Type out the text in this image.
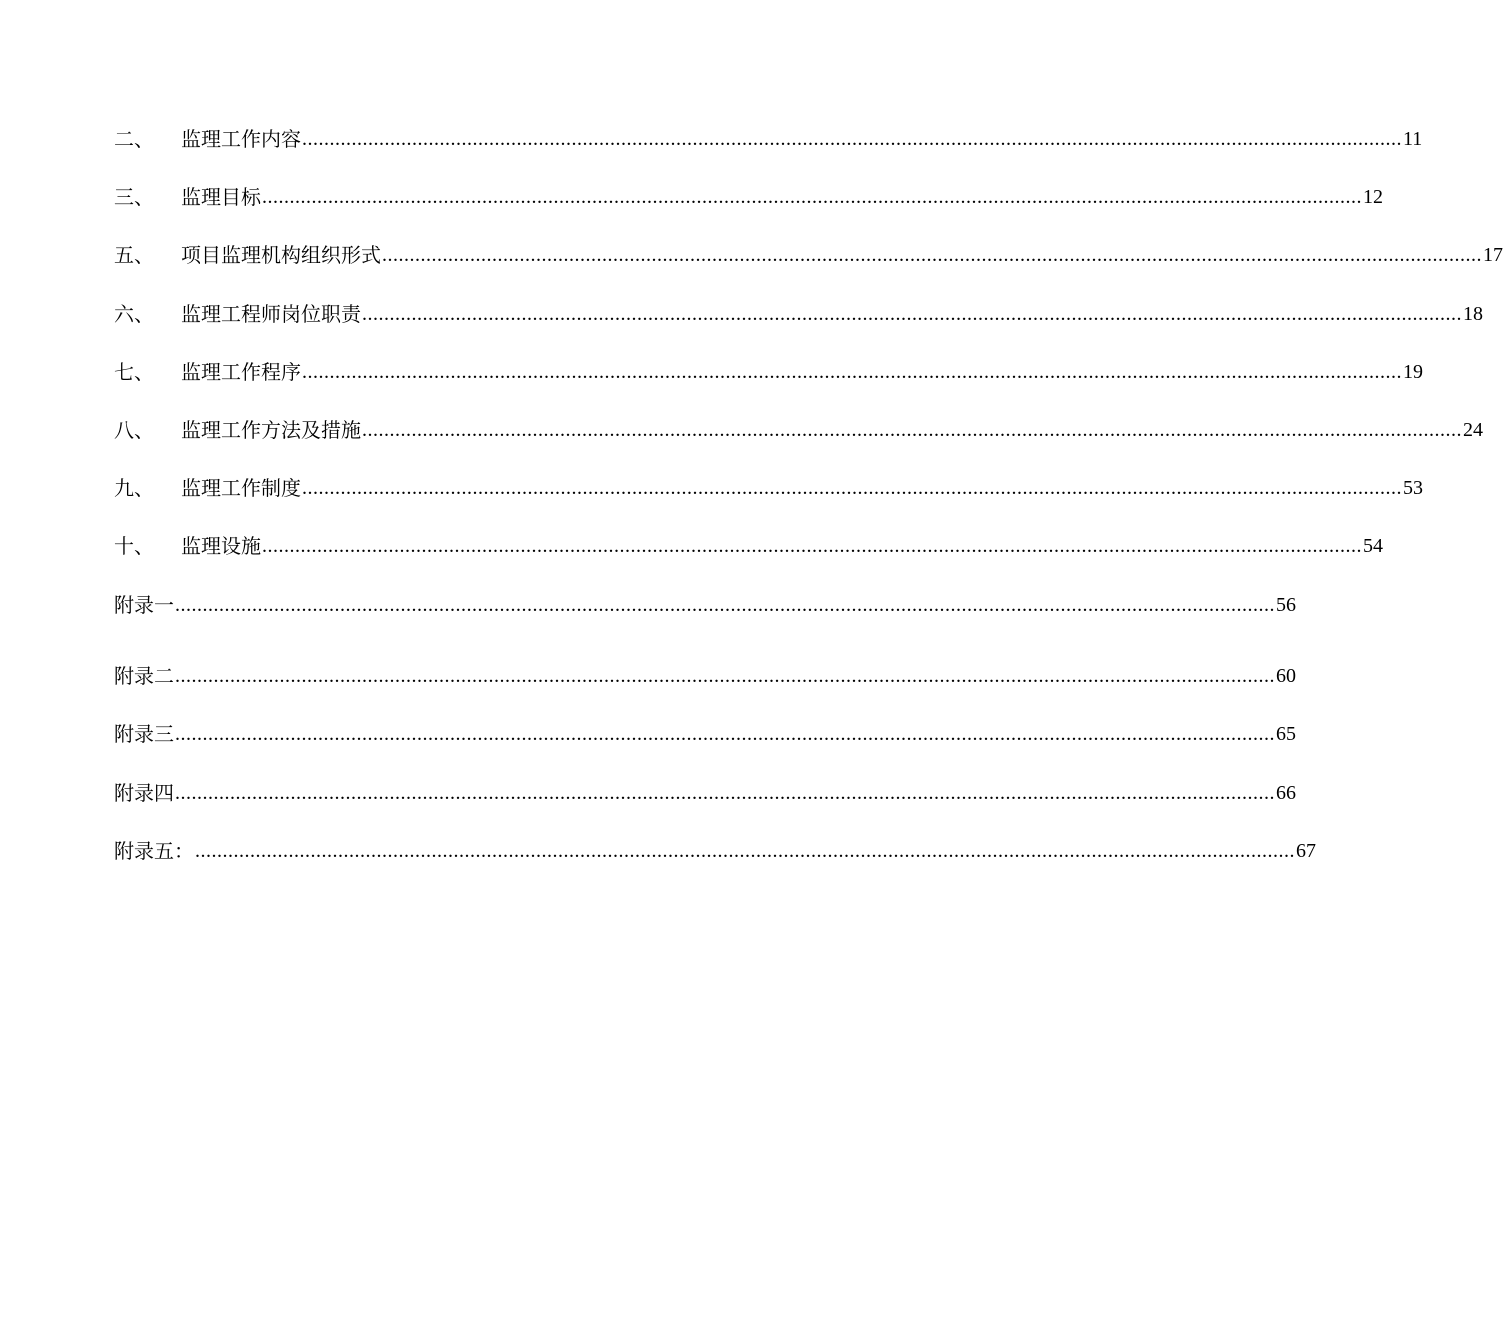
二、	监理工作内容 ........................................................................................................................................................................................................ 11
三、	监理目标 ........................................................................................................................................................................................................ 12
五、	项目监理机构组织形式 ........................................................................................................................................................................................................ 17
六、	监理工程师岗位职责 ........................................................................................................................................................................................................ 18
七、	监理工作程序 ........................................................................................................................................................................................................ 19
八、	监理工作方法及措施 ........................................................................................................................................................................................................ 24
九、	监理工作制度 ........................................................................................................................................................................................................ 53
十、	监理设施 ........................................................................................................................................................................................................ 54
附录一 ........................................................................................................................................................................................................ 56
附录二 ........................................................................................................................................................................................................ 60
附录三 ........................................................................................................................................................................................................ 65
附录四 ........................................................................................................................................................................................................ 66
附录五： ........................................................................................................................................................................................................ 67
